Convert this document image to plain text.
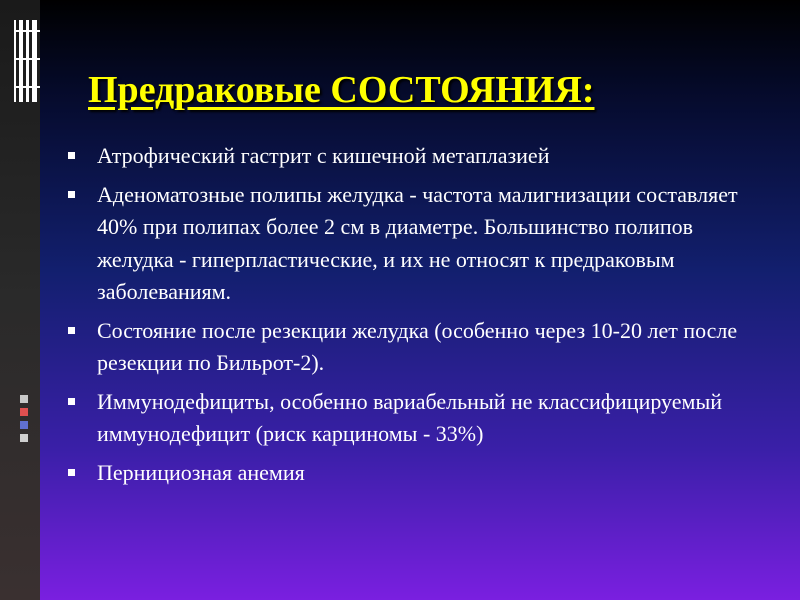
Предраковые СОСТОЯНИЯ:
Атрофический гастрит с кишечной метаплазией
Аденоматозные полипы желудка - частота малигнизации составляет 40% при полипах более 2 см в диаметре. Большинство полипов желудка - гиперпластические, и их не относят к предраковым заболеваниям.
Состояние после резекции желудка (особенно через 10-20 лет после резекции по Бильрот-2).
Иммунодефициты, особенно вариабельный не классифицируемый иммунодефицит (риск карциномы - 33%)
Пернициозная анемия
